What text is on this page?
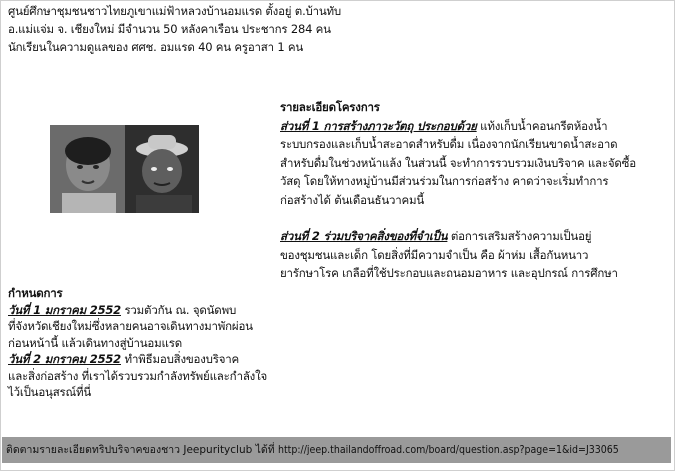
ศูนย์ศึกษาชุมชนชาวไทยภูเขาแม่ฟ้าหลวงบ้านอมแรด ตั้งอยู่ ต.บ้านทับ
อ.แม่แจ่ม จ. เชียงใหม่ มีจำนวน 50 หลังคาเรือน ประชากร 284 คน
นักเรียนในความดูแลของ ศศช. อมแรด 40 คน ครูอาสา 1 คน
รายละเอียดโครงการ
ส่วนที่ 1 การสร้างภาวะวัตถุ ประกอบด้วย แท้งเก็บน้ำคอนกรีตห้องน้ำ
ระบบกรองและเก็บน้ำสะอาดสำหรับดื่ม เนื่องจากนักเรียนขาดน้ำสะอาด
สำหรับดื่มในช่วงหน้าแล้ง ในส่วนนี้ จะทำการรวบรวมเงินบริจาค และจัดซื้อ
วัสดุ โดยให้ทางหมู่บ้านมีส่วนร่วมในการก่อสร้าง คาดว่าจะเริ่มทำการ
ก่อสร้างได้ ต้นเดือนธันวาคมนี้
ส่วนที่ 2 ร่วมบริจาคสิ่งของที่จำเป็น ต่อการเสริมสร้างความเป็นอยู่
ของชุมชนและเด็ก โดยสิ่งที่มีความจำเป็น คือ ผ้าห่ม เสื้อกันหนาว
ยารักษาโรค เกลือที่ใช้ประกอบและถนอมอาหาร และอุปกรณ์ การศึกษา
กำหนดการ
วันที่ 1 มกราคม 2552 รวมตัวกัน ณ. จุดนัดพบ
ที่จังหวัดเชียงใหม่ซึ่งหลายคนอาจเดินทางมาพักผ่อน
ก่อนหน้านี้ แล้วเดินทางสู่บ้านอมแรด
วันที่ 2 มกราคม 2552 ทำพิธีมอบสิ่งของบริจาค
และสิ่งก่อสร้าง ที่เราได้รวบรวมกำลังทรัพย์และกำลังใจ
ไว้เป็นอนุสรณ์ที่นี่
ติดตามรายละเอียดทริปบริจาคของชาว Jeepurityclub ได้ที่ http://jeep.thailandoffroad.com/board/question.asp?page=1&id=J33065
